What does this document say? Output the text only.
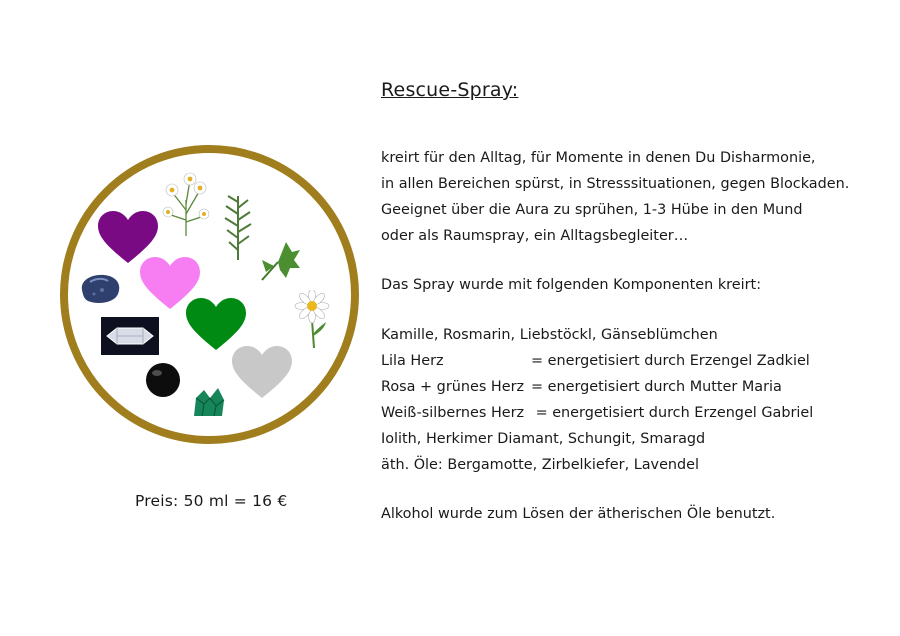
Preis: 50 ml = 16 €
Rescue-Spray:
kreirt für den Alltag, für Momente in denen Du Disharmonie,
in allen Bereichen spürst, in Stresssituationen, gegen Blockaden.
Geeignet über die Aura zu sprühen, 1-3 Hübe in den Mund
oder als Raumspray, ein Alltagsbegleiter…
Das Spray wurde mit folgenden Komponenten kreirt:
Kamille, Rosmarin, Liebstöckl, Gänseblümchen
Lila Herz	= energetisiert durch Erzengel Zadkiel
Rosa + grünes Herz = energetisiert durch Mutter Maria
Weiß-silbernes Herz = energetisiert durch Erzengel Gabriel
Iolith, Herkimer Diamant, Schungit, Smaragd
äth. Öle: Bergamotte, Zirbelkiefer, Lavendel
Alkohol wurde zum Lösen der ätherischen Öle benutzt.
